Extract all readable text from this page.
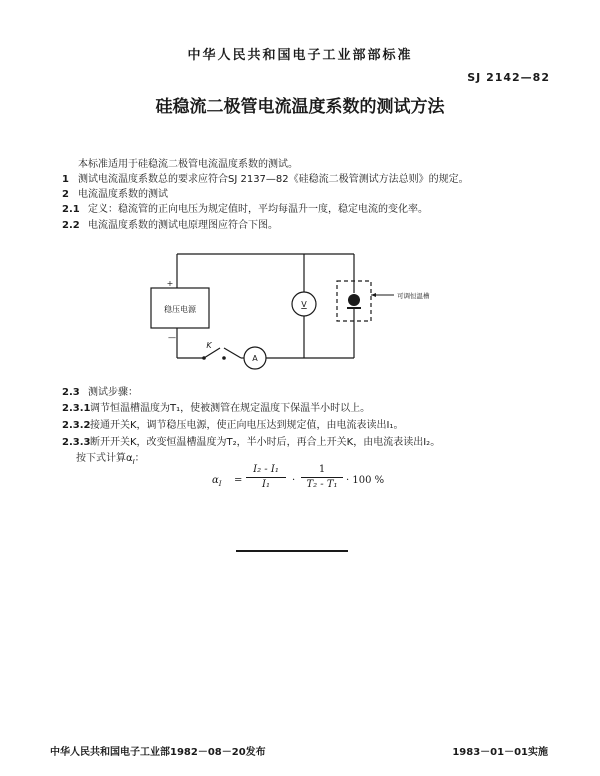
中华人民共和国电子工业部部标准
SJ 2142—82
硅稳流二极管电流温度系数的测试方法
本标准适用于硅稳流二极管电流温度系数的测试。
1 测试电流温度系数总的要求应符合SJ 2137—82《硅稳流二极管测试方法总则》的规定。
2 电流温度系数的测试
2.1 定义：稳流管的正向电压为规定值时，平均每温升一度，稳定电流的变化率。
2.2 电流温度系数的测试电原理图应符合下图。
稳压电源
+
—
K
A
V
可调恒温槽
2.3 测试步骤：
2.3.1调节恒温槽温度为T₁，使被测管在规定温度下保温半小时以上。
2.3.2接通开关K，调节稳压电源，使正向电压达到规定值，由电流表读出I₁。
2.3.3断开开关K，改变恒温槽温度为T₂，半小时后，再合上开关K，由电流表读出I₂。
按下式计算$\alpha_I$：
$\alpha_I = \frac{\text{I₂ - I₁}}{\text{I₁}} \cdot \frac{1}{\text{T₂ - T₁}} \cdot 100$ %
中华人民共和国电子工业部1982－08－20发布	1983－01－01实施
